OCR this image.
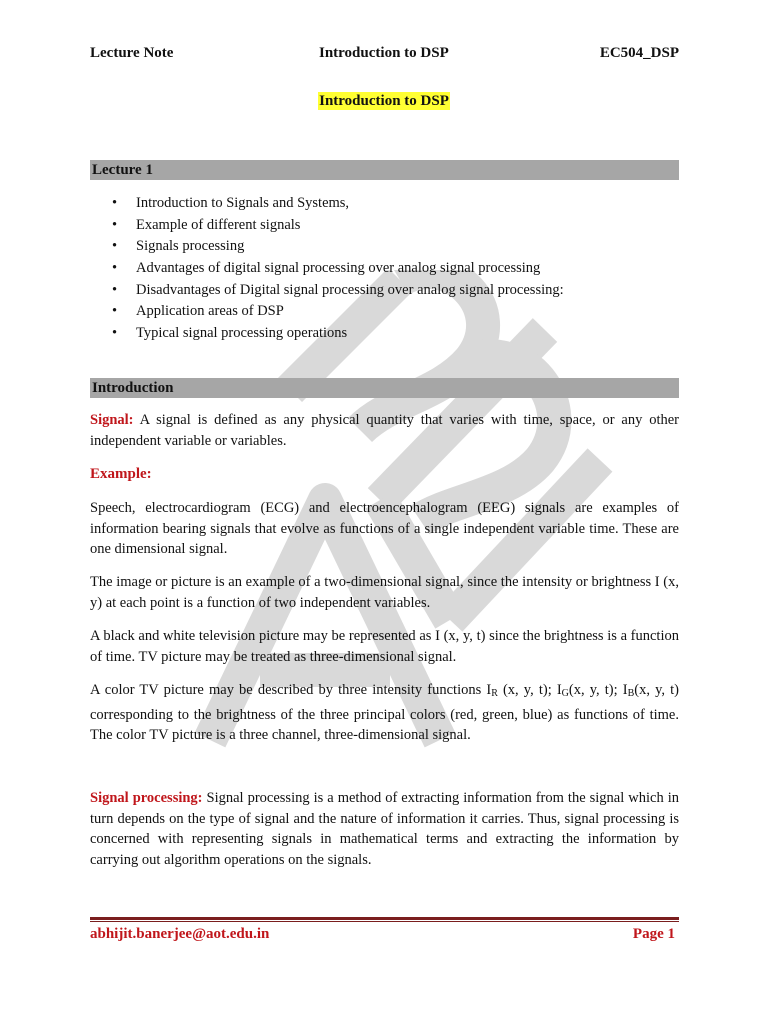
Lecture Note	Introduction to DSP	EC504_DSP
Introduction to DSP
Lecture 1
• Introduction to Signals and Systems,
• Example of different signals
• Signals processing
• Advantages of digital signal processing over analog signal processing
• Disadvantages of Digital signal processing over analog signal processing:
• Application areas of DSP
• Typical signal processing operations
Introduction

Signal: A signal is defined as any physical quantity that varies with time, space, or any other independent variable or variables.

Example:

Speech, electrocardiogram (ECG) and electroencephalogram (EEG) signals are examples of information bearing signals that evolve as functions of a single independent variable time. These are one dimensional signal.

The image or picture is an example of a two-dimensional signal, since the intensity or brightness I (x, y) at each point is a function of two independent variables.

A black and white television picture may be represented as I (x, y, t) since the brightness is a function of time. TV picture may be treated as three-dimensional signal.

A color TV picture may be described by three intensity functions $I_R$ (x, y, t); $I_G(x$, y, t); $I_B(x$, y, t) corresponding to the brightness of the three principal colors (red, green, blue) as functions of time. The color TV picture is a three channel, three-dimensional signal.

Signal processing: Signal processing is a method of extracting information from the signal which in turn depends on the type of signal and the nature of information it carries. Thus, signal processing is concerned with representing signals in mathematical terms and extracting the information by carrying out algorithm operations on the signals.

abhijit.banerjee@aot.edu.in	Page 1
